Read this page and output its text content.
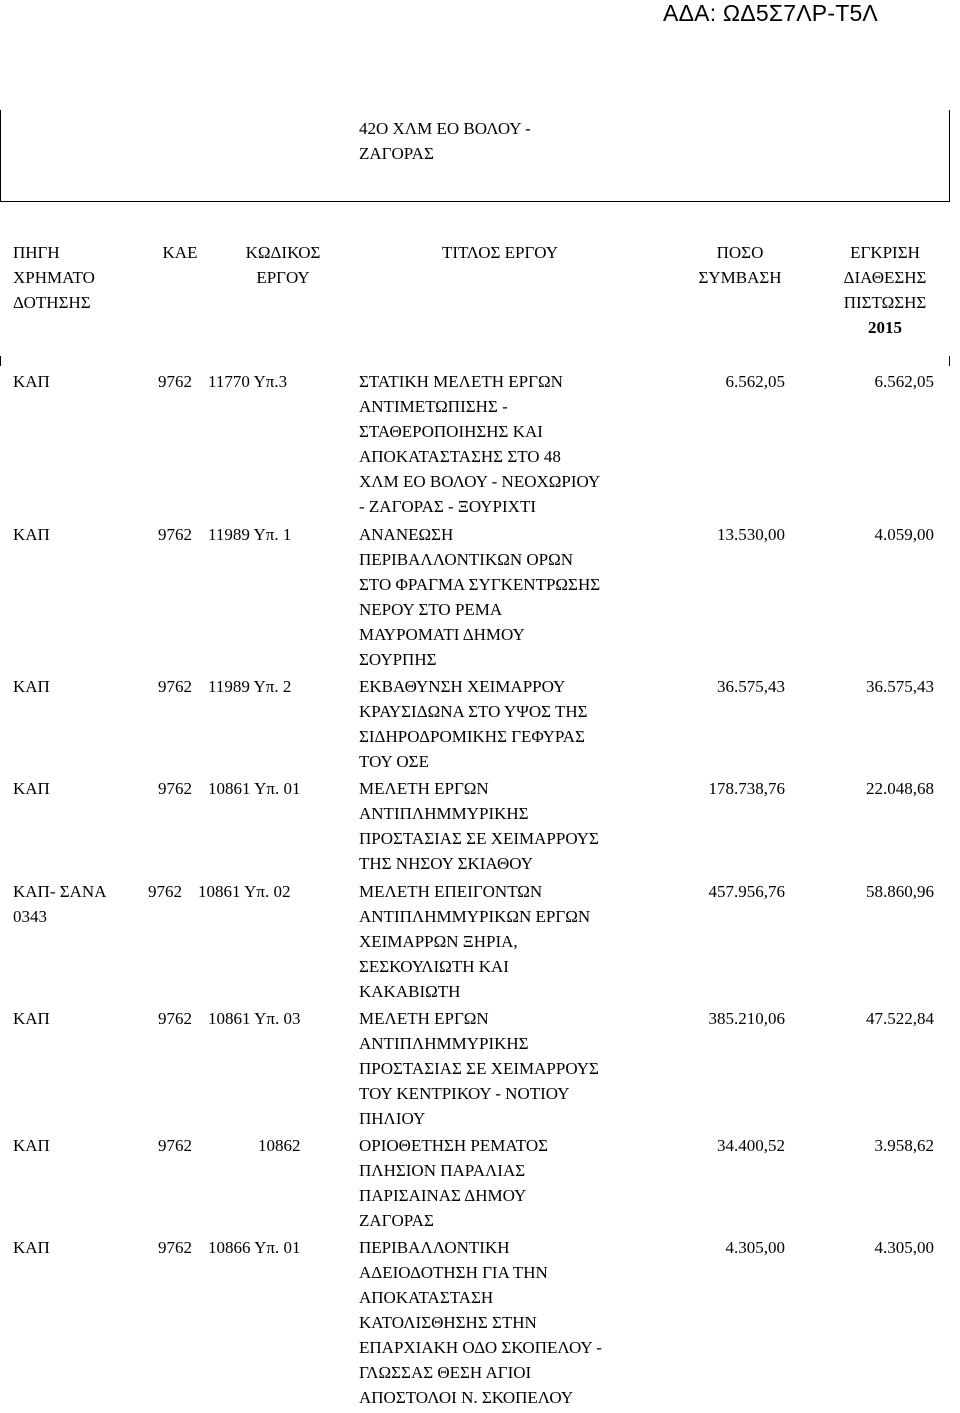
ΑΔΑ: ΩΔ5Σ7ΛΡ-Τ5Λ
42Ο ΧΛΜ ΕΟ ΒΟΛΟΥ -
ΖΑΓΟΡΑΣ
ΠΗΓΗ
ΧΡΗΜΑΤΟ
ΔΟΤΗΣΗΣ
ΚΑΕ	ΚΩΔΙΚΟΣ
ΕΡΓΟΥ
ΤΙΤΛΟΣ ΕΡΓΟΥ	ΠΟΣΟ
ΣΥΜΒΑΣΗ
ΕΓΚΡΙΣΗ
ΔΙΑΘΕΣΗΣ
ΠΙΣΤΩΣΗΣ
2015
ΚΑΠ	9762 11770 Υπ.3	ΣΤΑΤΙΚΗ ΜΕΛΕΤΗ ΕΡΓΩΝ
ΑΝΤΙΜΕΤΩΠΙΣΗΣ -
ΣΤΑΘΕΡΟΠΟΙΗΣΗΣ ΚΑΙ
ΑΠΟΚΑΤΑΣΤΑΣΗΣ ΣΤΟ 48
ΧΛΜ ΕΟ ΒΟΛΟΥ - ΝΕΟΧΩΡΙΟΥ
- ΖΑΓΟΡΑΣ - ΞΟΥΡΙΧΤΙ
6.562,05	6.562,05
ΚΑΠ	9762 11989 Υπ. 1	ΑΝΑΝΕΩΣΗ
ΠΕΡΙΒΑΛΛΟΝΤΙΚΩΝ ΟΡΩΝ
ΣΤΟ ΦΡΑΓΜΑ ΣΥΓΚΕΝΤΡΩΣΗΣ
ΝΕΡΟΥ ΣΤΟ ΡΕΜΑ
ΜΑΥΡΟΜΑΤΙ ΔΗΜΟΥ
ΣΟΥΡΠΗΣ
13.530,00	4.059,00
ΚΑΠ	9762 11989 Υπ. 2	ΕΚΒΑΘΥΝΣΗ ΧΕΙΜΑΡΡΟΥ
ΚΡΑΥΣΙΔΩΝΑ ΣΤΟ ΥΨΟΣ ΤΗΣ
ΣΙΔΗΡΟΔΡΟΜΙΚΗΣ ΓΕΦΥΡΑΣ
ΤΟΥ ΟΣΕ
36.575,43	36.575,43
ΚΑΠ	9762 10861 Υπ. 01	ΜΕΛΕΤΗ ΕΡΓΩΝ
ΑΝΤΙΠΛΗΜΜΥΡΙΚΗΣ
ΠΡΟΣΤΑΣΙΑΣ ΣΕ ΧΕΙΜΑΡΡΟΥΣ
ΤΗΣ ΝΗΣΟΥ ΣΚΙΑΘΟΥ
178.738,76	22.048,68
ΚΑΠ- ΣΑΝΑ
0343
9762 10861 Υπ. 02	ΜΕΛΕΤΗ ΕΠΕΙΓΟΝΤΩΝ
ΑΝΤΙΠΛΗΜΜΥΡΙΚΩΝ ΕΡΓΩΝ
ΧΕΙΜΑΡΡΩΝ ΞΗΡΙΑ,
ΣΕΣΚΟΥΛΙΩΤΗ ΚΑΙ
ΚΑΚΑΒΙΩΤΗ
457.956,76	58.860,96
ΚΑΠ	9762 10861 Υπ. 03	ΜΕΛΕΤΗ ΕΡΓΩΝ
ΑΝΤΙΠΛΗΜΜΥΡΙΚΗΣ
ΠΡΟΣΤΑΣΙΑΣ ΣΕ ΧΕΙΜΑΡΡΟΥΣ
ΤΟΥ ΚΕΝΤΡΙΚΟΥ - ΝΟΤΙΟΥ
ΠΗΛΙΟΥ
385.210,06	47.522,84
ΚΑΠ	9762	10862	ΟΡΙΟΘΕΤΗΣΗ ΡΕΜΑΤΟΣ
ΠΛΗΣΙΟΝ ΠΑΡΑΛΙΑΣ
ΠΑΡΙΣΑΙΝΑΣ ΔΗΜΟΥ
ΖΑΓΟΡΑΣ
34.400,52	3.958,62
ΚΑΠ	9762 10866 Υπ. 01	ΠΕΡΙΒΑΛΛΟΝΤΙΚΗ
ΑΔΕΙΟΔΟΤΗΣΗ ΓΙΑ ΤΗΝ
ΑΠΟΚΑΤΑΣΤΑΣΗ
ΚΑΤΟΛΙΣΘΗΣΗΣ ΣΤΗΝ
ΕΠΑΡΧΙΑΚΗ ΟΔΟ ΣΚΟΠΕΛΟΥ -
ΓΛΩΣΣΑΣ ΘΕΣΗ ΑΓΙΟΙ
ΑΠΟΣΤΟΛΟΙ Ν. ΣΚΟΠΕΛΟΥ
4.305,00	4.305,00
